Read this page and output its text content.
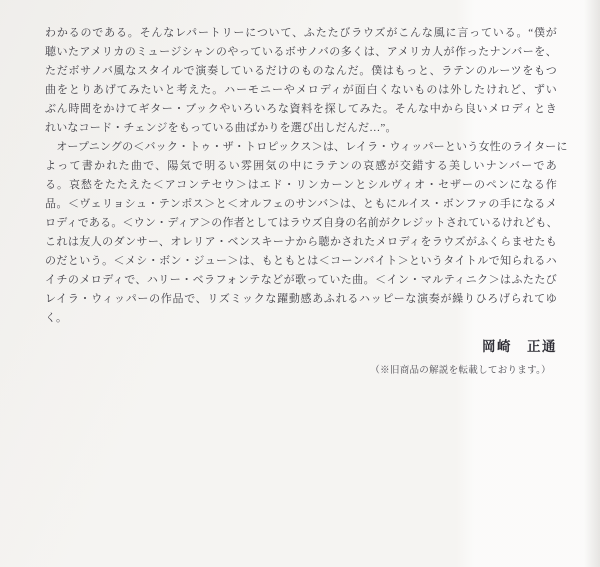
わかるのである。そんなレパートリーについて、ふたたびラウズがこんな風に言っている。“僕が
聴いたアメリカのミュージシャンのやっているボサノバの多くは、アメリカ人が作ったナンバーを、
ただボサノバ風なスタイルで演奏しているだけのものなんだ。僕はもっと、ラテンのルーツをもつ
曲をとりあげてみたいと考えた。ハーモニーやメロディが面白くないものは外したけれど、ずい
ぶん時間をかけてギター・ブックやいろいろな資料を探してみた。そんな中から良いメロディとき
れいなコード・チェンジをもっている曲ばかりを選び出しだんだ…”。
　オープニングの＜バック・トゥ・ザ・トロピックス＞は、レイラ・ウィッパーという女性のライターに
よって書かれた曲で、陽気で明るい雰囲気の中にラテンの哀感が交錯する美しいナンバーであ
る。哀愁をたたえた＜アコンテセウ＞はエド・リンカーンとシルヴィオ・セザーのペンになる作
品。＜ヴェリョシュ・テンポス＞と＜オルフェのサンバ＞は、ともにルイス・ボンファの手になるメ
ロディである。＜ウン・ディア＞の作者としてはラウズ自身の名前がクレジットされているけれども、
これは友人のダンサー、オレリア・ベンスキーナから聴かされたメロディをラウズがふくらませたも
のだという。＜メシ・ボン・ジュー＞は、もともとは＜コーンバイト＞というタイトルで知られるハ
イチのメロディで、ハリー・ベラフォンテなどが歌っていた曲。＜イン・マルティニク＞はふたたび
レイラ・ウィッパーの作品で、リズミックな躍動感あふれるハッピーな演奏が繰りひろげられてゆ
く。
岡崎　正通
（※旧商品の解説を転載しております。）
